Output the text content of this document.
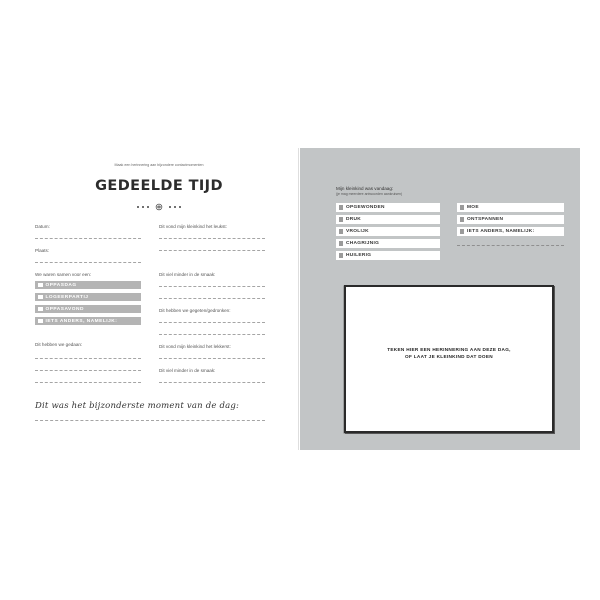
Maak een herinnering aan bijzondere contactmomenten
GEDEELDE TIJD
Datum:
Plaats:
We waren samen voor een:
OPPASDAG
LOGEERPARTIJ
OPPASAVOND
IETS ANDERS, NAMELIJK:
Dit hebben we gedaan:
Dit vond mijn kleinkind het leukst:
Dit viel minder in de smaak:
Dit hebben we gegeten/gedronken:
Dit vond mijn kleinkind het lekkerst:
Dit viel minder in de smaak:
Dit was het bijzonderste moment van de dag:
Mijn kleinkind was vandaag:
(je mag meerdere antwoorden aankruisen)
OPGEWONDEN
DRUK
VROLIJK
CHAGRIJNIG
HUILERIG
MOE
ONTSPANNEN
IETS ANDERS, NAMELIJK:
TEKEN HIER EEN HERINNERING AAN DEZE DAG,
OF LAAT JE KLEINKIND DAT DOEN
